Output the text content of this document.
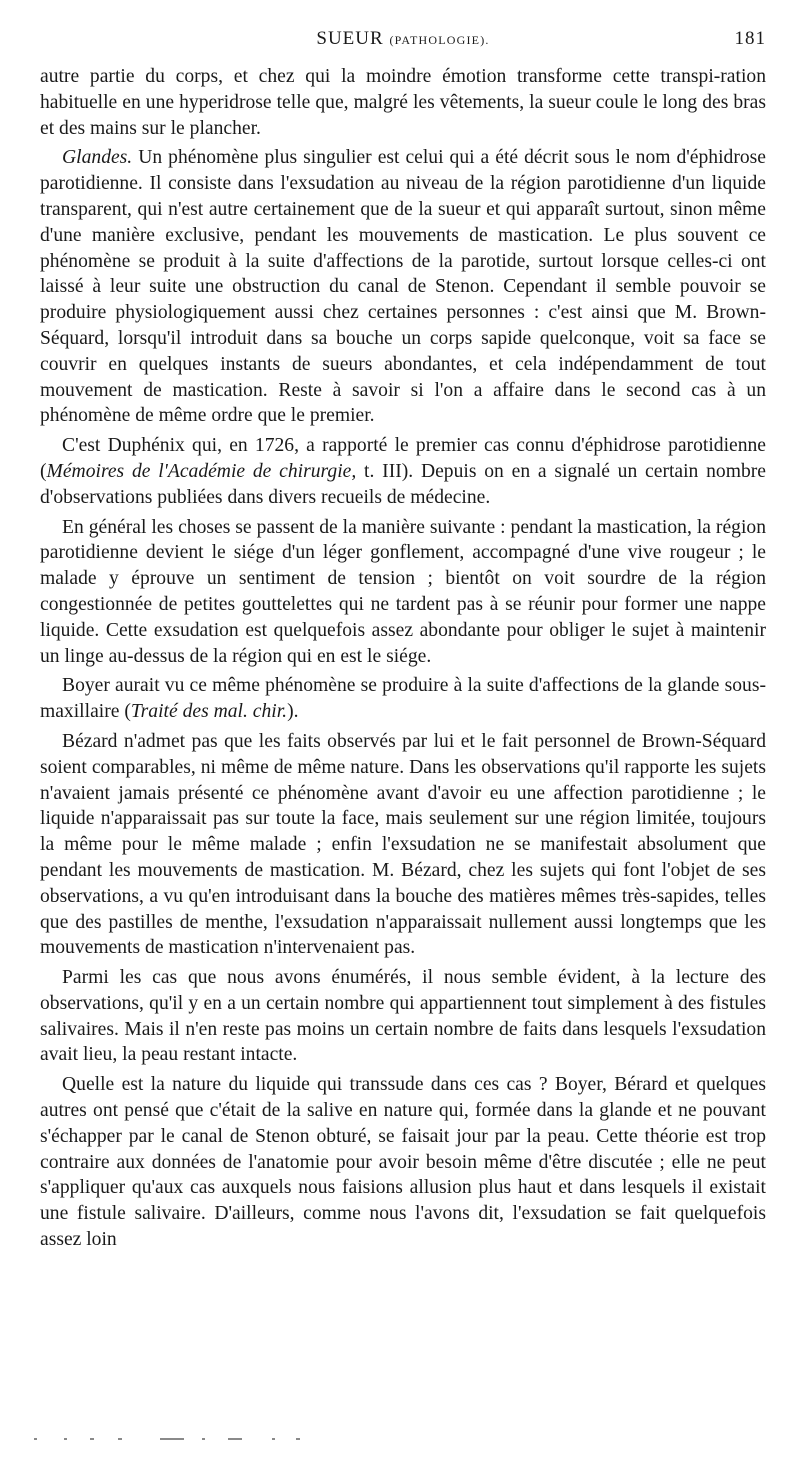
SUEUR (PATHOLOGIE).	181

autre partie du corps, et chez qui la moindre émotion transforme cette transpi-ration habituelle en une hyperidrose telle que, malgré les vêtements, la sueur coule le long des bras et des mains sur le plancher.

Glandes. Un phénomène plus singulier est celui qui a été décrit sous le nom d'éphidrose parotidienne. Il consiste dans l'exsudation au niveau de la région parotidienne d'un liquide transparent, qui n'est autre certainement que de la sueur et qui apparaît surtout, sinon même d'une manière exclusive, pendant les mouvements de mastication. Le plus souvent ce phénomène se produit à la suite d'affections de la parotide, surtout lorsque celles-ci ont laissé à leur suite une obstruction du canal de Stenon. Cependant il semble pouvoir se produire physiologiquement aussi chez certaines personnes : c'est ainsi que M. Brown-Séquard, lorsqu'il introduit dans sa bouche un corps sapide quelconque, voit sa face se couvrir en quelques instants de sueurs abondantes, et cela indépendamment de tout mouvement de mastication. Reste à savoir si l'on a affaire dans le second cas à un phénomène de même ordre que le premier.

C'est Duphénix qui, en 1726, a rapporté le premier cas connu d'éphidrose parotidienne (Mémoires de l'Académie de chirurgie, t. III). Depuis on en a signalé un certain nombre d'observations publiées dans divers recueils de médecine.

En général les choses se passent de la manière suivante : pendant la mastication, la région parotidienne devient le siége d'un léger gonflement, accompagné d'une vive rougeur ; le malade y éprouve un sentiment de tension ; bientôt on voit sourdre de la région congestionnée de petites gouttelettes qui ne tardent pas à se réunir pour former une nappe liquide. Cette exsudation est quelquefois assez abondante pour obliger le sujet à maintenir un linge au-dessus de la région qui en est le siége.

Boyer aurait vu ce même phénomène se produire à la suite d'affections de la glande sous-maxillaire (Traité des mal. chir.).

Bézard n'admet pas que les faits observés par lui et le fait personnel de Brown-Séquard soient comparables, ni même de même nature. Dans les observations qu'il rapporte les sujets n'avaient jamais présenté ce phénomène avant d'avoir eu une affection parotidienne ; le liquide n'apparaissait pas sur toute la face, mais seulement sur une région limitée, toujours la même pour le même malade ; enfin l'exsudation ne se manifestait absolument que pendant les mouvements de mastication. M. Bézard, chez les sujets qui font l'objet de ses observations, a vu qu'en introduisant dans la bouche des matières mêmes très-sapides, telles que des pastilles de menthe, l'exsudation n'apparaissait nullement aussi longtemps que les mouvements de mastication n'intervenaient pas.

Parmi les cas que nous avons énumérés, il nous semble évident, à la lecture des observations, qu'il y en a un certain nombre qui appartiennent tout simplement à des fistules salivaires. Mais il n'en reste pas moins un certain nombre de faits dans lesquels l'exsudation avait lieu, la peau restant intacte.

Quelle est la nature du liquide qui transsude dans ces cas ? Boyer, Bérard et quelques autres ont pensé que c'était de la salive en nature qui, formée dans la glande et ne pouvant s'échapper par le canal de Stenon obturé, se faisait jour par la peau. Cette théorie est trop contraire aux données de l'anatomie pour avoir besoin même d'être discutée ; elle ne peut s'appliquer qu'aux cas auxquels nous faisions allusion plus haut et dans lesquels il existait une fistule salivaire. D'ailleurs, comme nous l'avons dit, l'exsudation se fait quelquefois assez loin
